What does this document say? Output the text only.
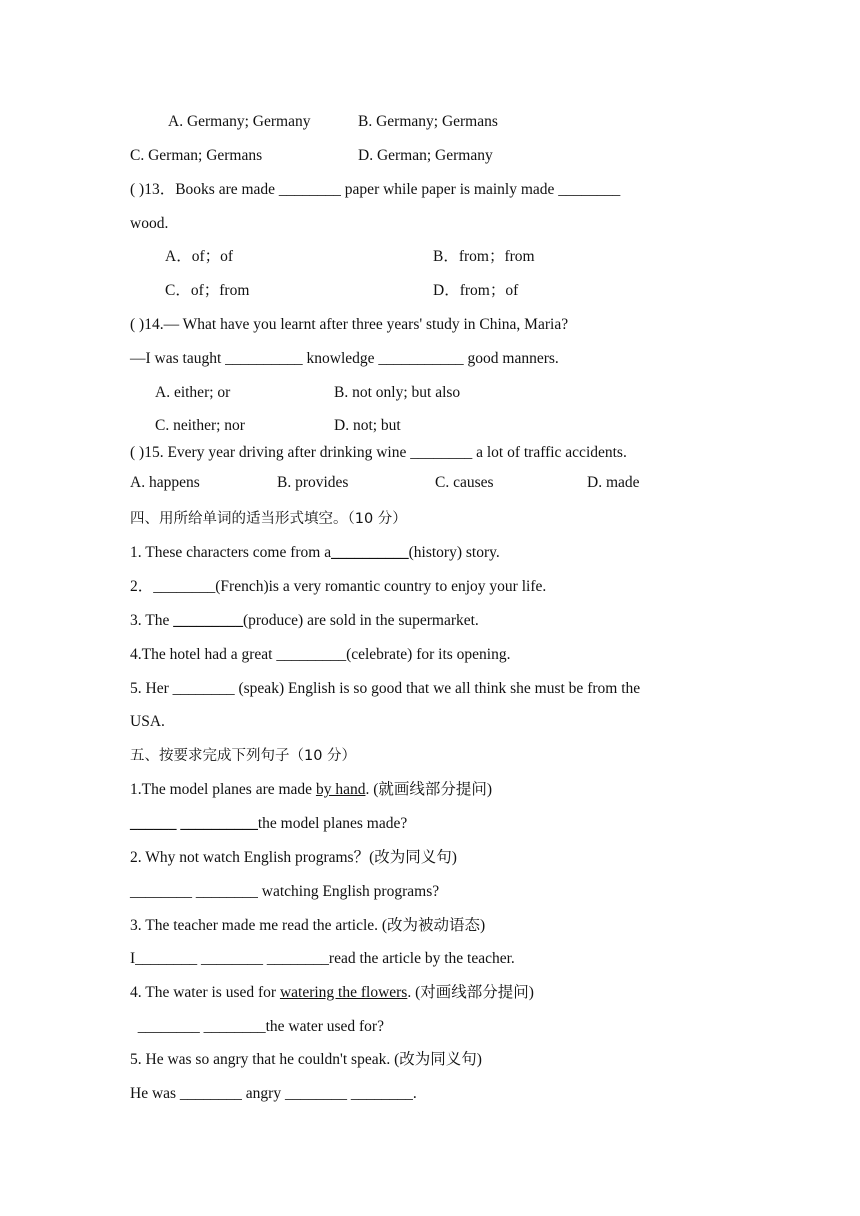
A. Germany; Germany	B. Germany; Germans
C. German; Germans	D. German; Germany
( )13．Books are made ________ paper while paper is mainly made ________
wood.
A．of；of	B．from；from
C．of；from	D．from；of
( )14.— What have you learnt after three years' study in China, Maria?
—I was taught __________ knowledge ___________ good manners.
A. either; or	B. not only; but also
C. neither; nor	D. not; but
( )15. Every year driving after drinking wine ________ a lot of traffic accidents.
A. happens	B. provides	C. causes	D. made
四、用所给单词的适当形式填空。（10 分）
1. These characters come from a__________(history) story.
2．________(French)is a very romantic country to enjoy your life.
3. The _________(produce) are sold in the supermarket.
4.The hotel had a great _________(celebrate) for its opening.
5. Her ________ (speak) English is so good that we all think she must be from the
USA.
五、按要求完成下列句子（10 分）
1.The model planes are made by hand. (就画线部分提问)
______ __________the model planes made?
2. Why not watch English programs？(改为同义句)
________ ________ watching English programs?
3. The teacher made me read the article. (改为被动语态)
I________ ________ ________read the article by the teacher.
4. The water is used for watering the flowers. (对画线部分提问)
________ ________the water used for?
5. He was so angry that he couldn't speak. (改为同义句)
He was ________ angry ________ ________.
